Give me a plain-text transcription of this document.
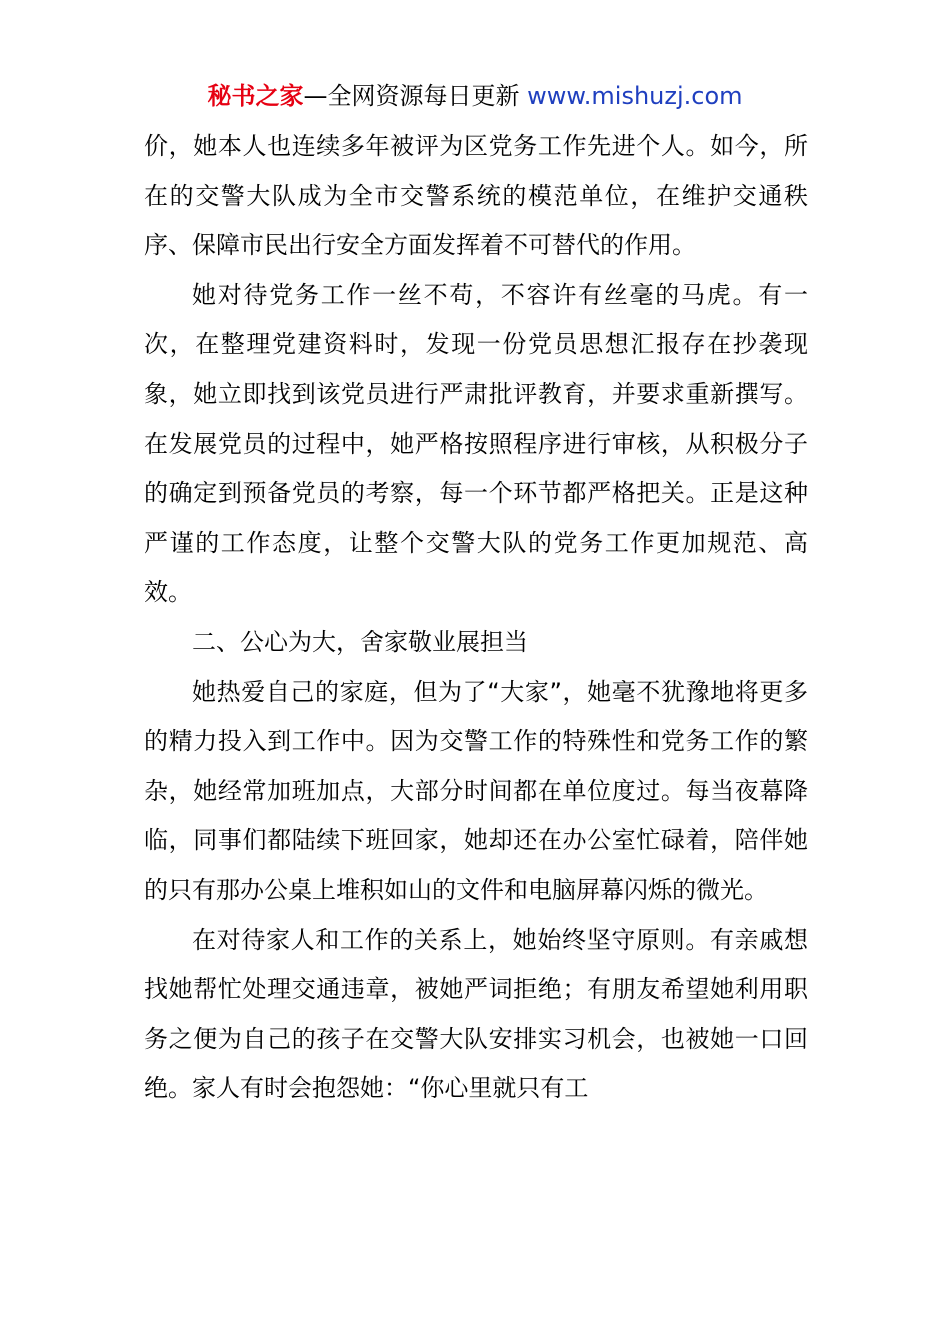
秘书之家—全网资源每日更新 www.mishuzj.com

价，她本人也连续多年被评为区党务工作先进个人。如今，所在的交警大队成为全市交警系统的模范单位，在维护交通秩序、保障市民出行安全方面发挥着不可替代的作用。

她对待党务工作一丝不苟，不容许有丝毫的马虎。有一次，在整理党建资料时，发现一份党员思想汇报存在抄袭现象，她立即找到该党员进行严肃批评教育，并要求重新撰写。在发展党员的过程中，她严格按照程序进行审核，从积极分子的确定到预备党员的考察，每一个环节都严格把关。正是这种严谨的工作态度，让整个交警大队的党务工作更加规范、高效。

二、公心为大，舍家敬业展担当

她热爱自己的家庭，但为了“大家”，她毫不犹豫地将更多的精力投入到工作中。因为交警工作的特殊性和党务工作的繁杂，她经常加班加点，大部分时间都在单位度过。每当夜幕降临，同事们都陆续下班回家，她却还在办公室忙碌着，陪伴她的只有那办公桌上堆积如山的文件和电脑屏幕闪烁的微光。

在对待家人和工作的关系上，她始终坚守原则。有亲戚想找她帮忙处理交通违章，被她严词拒绝；有朋友希望她利用职务之便为自己的孩子在交警大队安排实习机会，也被她一口回绝。家人有时会抱怨她：“你心里就只有工
